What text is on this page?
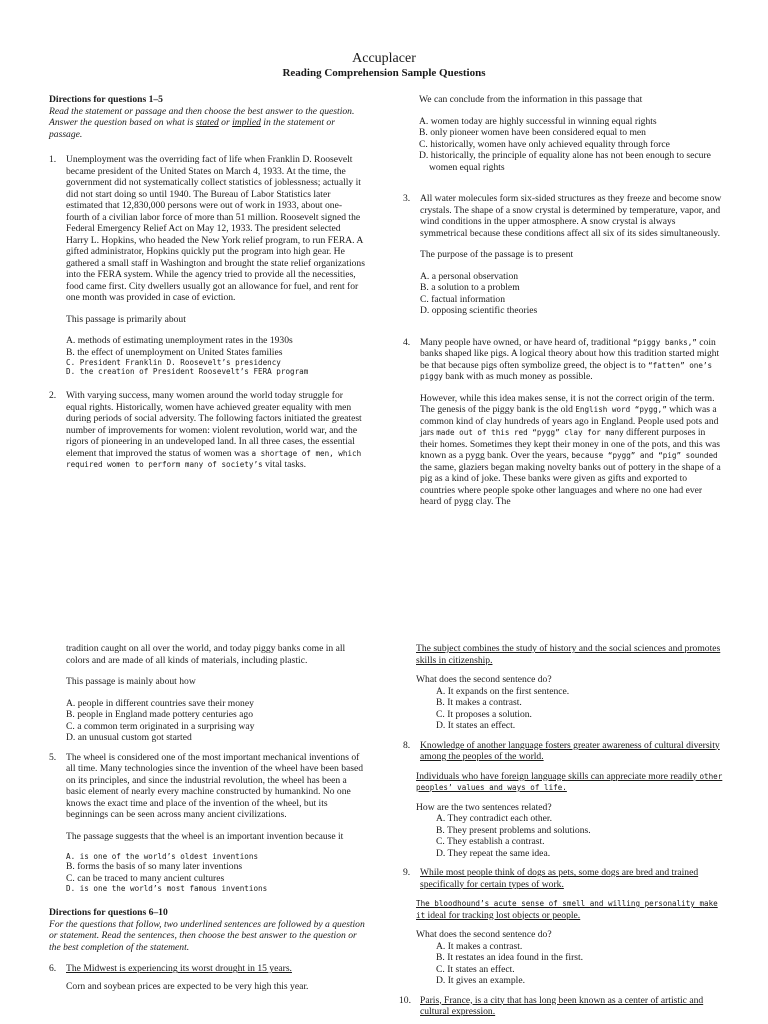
Accuplacer
Reading Comprehension Sample Questions

Directions for questions 1–5

Read the statement or passage and then choose the best answer to the question. Answer the question based on what is stated or implied in the statement or passage.

1. Unemployment was the overriding fact of life when Franklin D. Roosevelt became president of the United States on March 4, 1933. At the time, the government did not systematically collect statistics of joblessness; actually it did not start doing so until 1940. The Bureau of Labor Statistics later estimated that 12,830,000 persons were out of work in 1933, about one-fourth of a civilian labor force of more than 51 million. Roosevelt signed the Federal Emergency Relief Act on May 12, 1933. The president selected Harry L. Hopkins, who headed the New York relief program, to run FERA. A gifted administrator, Hopkins quickly put the program into high gear. He gathered a small staff in Washington and brought the state relief organizations into the FERA system. While the agency tried to provide all the necessities, food came first. City dwellers usually got an allowance for fuel, and rent for one month was provided in case of eviction.

This passage is primarily about

A. methods of estimating unemployment rates in the 1930s

B. the effect of unemployment on United States families

C. President Franklin D. Roosevelt’s presidency

D. the creation of President Roosevelt’s FERA program

2. With varying success, many women around the world today struggle for equal rights. Historically, women have achieved greater equality with men during periods of social adversity. The following factors initiated the greatest number of improvements for women: violent revolution, world war, and the rigors of pioneering in an undeveloped land. In all three cases, the essential element that improved the status of women was a shortage of men, which required women to perform many of society’s vital tasks.

We can conclude from the information in this passage that

A. women today are highly successful in winning equal rights

B. only pioneer women have been considered equal to men

C. historically, women have only achieved equality through force

D. historically, the principle of equality alone has not been enough to secure women equal rights

3. All water molecules form six-sided structures as they freeze and become snow crystals. The shape of a snow crystal is determined by temperature, vapor, and wind conditions in the upper atmosphere. A snow crystal is always symmetrical because these conditions affect all six of its sides simultaneously.

The purpose of the passage is to present

A. a personal observation

B. a solution to a problem

C. factual information

D. opposing scientific theories

4. Many people have owned, or have heard of, traditional “piggy banks,” coin banks shaped like pigs. A logical theory about how this tradition started might be that because pigs often symbolize greed, the object is to “fatten” one’s piggy bank with as much money as possible.

However, while this idea makes sense, it is not the correct origin of the term. The genesis of the piggy bank is the old English word “pygg,” which was a common kind of clay hundreds of years ago in England. People used pots and jars made out of this red “pygg” clay for many different purposes in their homes. Sometimes they kept their money in one of the pots, and this was known as a pygg bank. Over the years, because “pygg” and “pig” sounded the same, glaziers began making novelty banks out of pottery in the shape of a pig as a kind of joke. These banks were given as gifts and exported to countries where people spoke other languages and where no one had ever heard of pygg clay. The

tradition caught on all over the world, and today piggy banks come in all colors and are made of all kinds of materials, including plastic.

This passage is mainly about how

A. people in different countries save their money

B. people in England made pottery centuries ago

C. a common term originated in a surprising way

D. an unusual custom got started

5. The wheel is considered one of the most important mechanical inventions of all time. Many technologies since the invention of the wheel have been based on its principles, and since the industrial revolution, the wheel has been a basic element of nearly every machine constructed by humankind. No one knows the exact time and place of the invention of the wheel, but its beginnings can be seen across many ancient civilizations.

The passage suggests that the wheel is an important invention because it

A. is one of the world’s oldest inventions

B. forms the basis of so many later inventions

C. can be traced to many ancient cultures

D. is one the world’s most famous inventions

Directions for questions 6–10

For the questions that follow, two underlined sentences are followed by a question or statement. Read the sentences, then choose the best answer to the question or the best completion of the statement.

6. The Midwest is experiencing its worst drought in 15 years.

Corn and soybean prices are expected to be very high this year.

The subject combines the study of history and the social sciences and promotes skills in citizenship.

What does the second sentence do?

A. It expands on the first sentence.

B. It makes a contrast.

C. It proposes a solution.

D. It states an effect.

8. Knowledge of another language fosters greater awareness of cultural diversity among the peoples of the world.

Individuals who have foreign language skills can appreciate more readily other peoples’ values and ways of life.

How are the two sentences related?

A. They contradict each other.

B. They present problems and solutions.

C. They establish a contrast.

D. They repeat the same idea.

9. While most people think of dogs as pets, some dogs are bred and trained specifically for certain types of work.

The bloodhound’s acute sense of smell and willing personality make it ideal for tracking lost objects or people.

What does the second sentence do?

A. It makes a contrast.

B. It restates an idea found in the first.

C. It states an effect.

D. It gives an example.

10. Paris, France, is a city that has long been known as a center of artistic and cultural expression.
